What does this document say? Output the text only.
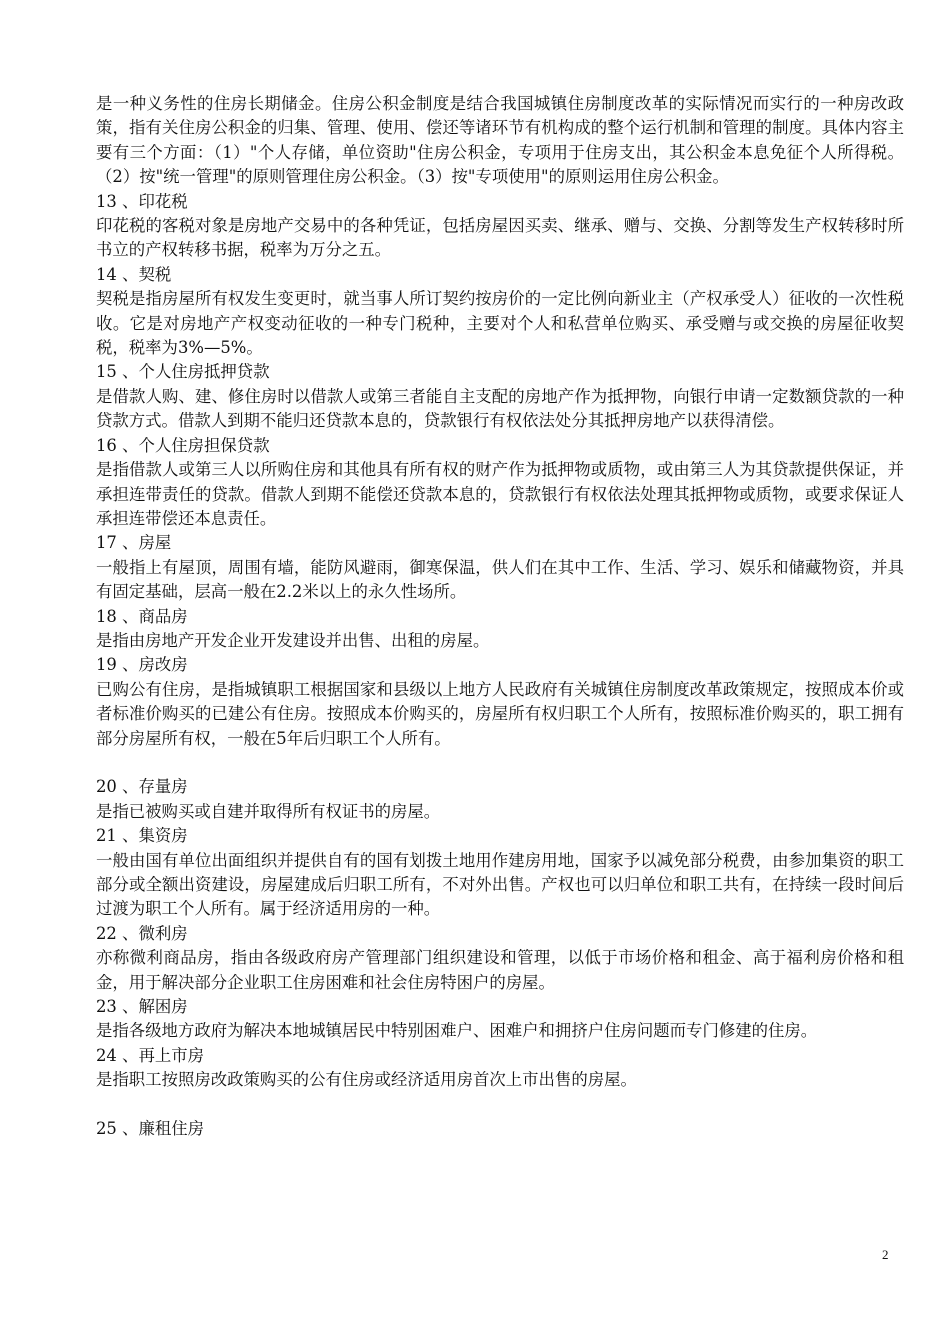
是一种义务性的住房长期储金。住房公积金制度是结合我国城镇住房制度改革的实际情况而实行的一种房改政策，指有关住房公积金的归集、管理、使用、偿还等诸环节有机构成的整个运行机制和管理的制度。具体内容主要有三个方面：（1）"个人存储，单位资助"住房公积金，专项用于住房支出，其公积金本息免征个人所得税。（2）按"统一管理"的原则管理住房公积金。（3）按"专项使用"的原则运用住房公积金。

13 、印花税

印花税的客税对象是房地产交易中的各种凭证，包括房屋因买卖、继承、赠与、交换、分割等发生产权转移时所书立的产权转移书据，税率为万分之五。

14 、契税

契税是指房屋所有权发生变更时，就当事人所订契约按房价的一定比例向新业主（产权承受人）征收的一次性税收。它是对房地产产权变动征收的一种专门税种，主要对个人和私营单位购买、承受赠与或交换的房屋征收契税，税率为3%—5%。

15 、个人住房抵押贷款

是借款人购、建、修住房时以借款人或第三者能自主支配的房地产作为抵押物，向银行申请一定数额贷款的一种贷款方式。借款人到期不能归还贷款本息的，贷款银行有权依法处分其抵押房地产以获得清偿。

16 、个人住房担保贷款

是指借款人或第三人以所购住房和其他具有所有权的财产作为抵押物或质物，或由第三人为其贷款提供保证，并承担连带责任的贷款。借款人到期不能偿还贷款本息的，贷款银行有权依法处理其抵押物或质物，或要求保证人承担连带偿还本息责任。

17 、房屋

一般指上有屋顶，周围有墙，能防风避雨，御寒保温，供人们在其中工作、生活、学习、娱乐和储藏物资，并具有固定基础，层高一般在2.2米以上的永久性场所。

18 、商品房

是指由房地产开发企业开发建设并出售、出租的房屋。

19 、房改房

已购公有住房，是指城镇职工根据国家和县级以上地方人民政府有关城镇住房制度改革政策规定，按照成本价或者标准价购买的已建公有住房。按照成本价购买的，房屋所有权归职工个人所有，按照标准价购买的，职工拥有部分房屋所有权，一般在5年后归职工个人所有。

20 、存量房

是指已被购买或自建并取得所有权证书的房屋。

21 、集资房

一般由国有单位出面组织并提供自有的国有划拨土地用作建房用地，国家予以减免部分税费，由参加集资的职工部分或全额出资建设，房屋建成后归职工所有，不对外出售。产权也可以归单位和职工共有，在持续一段时间后过渡为职工个人所有。属于经济适用房的一种。

22 、微利房

亦称微利商品房，指由各级政府房产管理部门组织建设和管理，以低于市场价格和租金、高于福利房价格和租金，用于解决部分企业职工住房困难和社会住房特困户的房屋。

23 、解困房

是指各级地方政府为解决本地城镇居民中特别困难户、困难户和拥挤户住房问题而专门修建的住房。

24 、再上市房

是指职工按照房改政策购买的公有住房或经济适用房首次上市出售的房屋。

25 、廉租住房
2
